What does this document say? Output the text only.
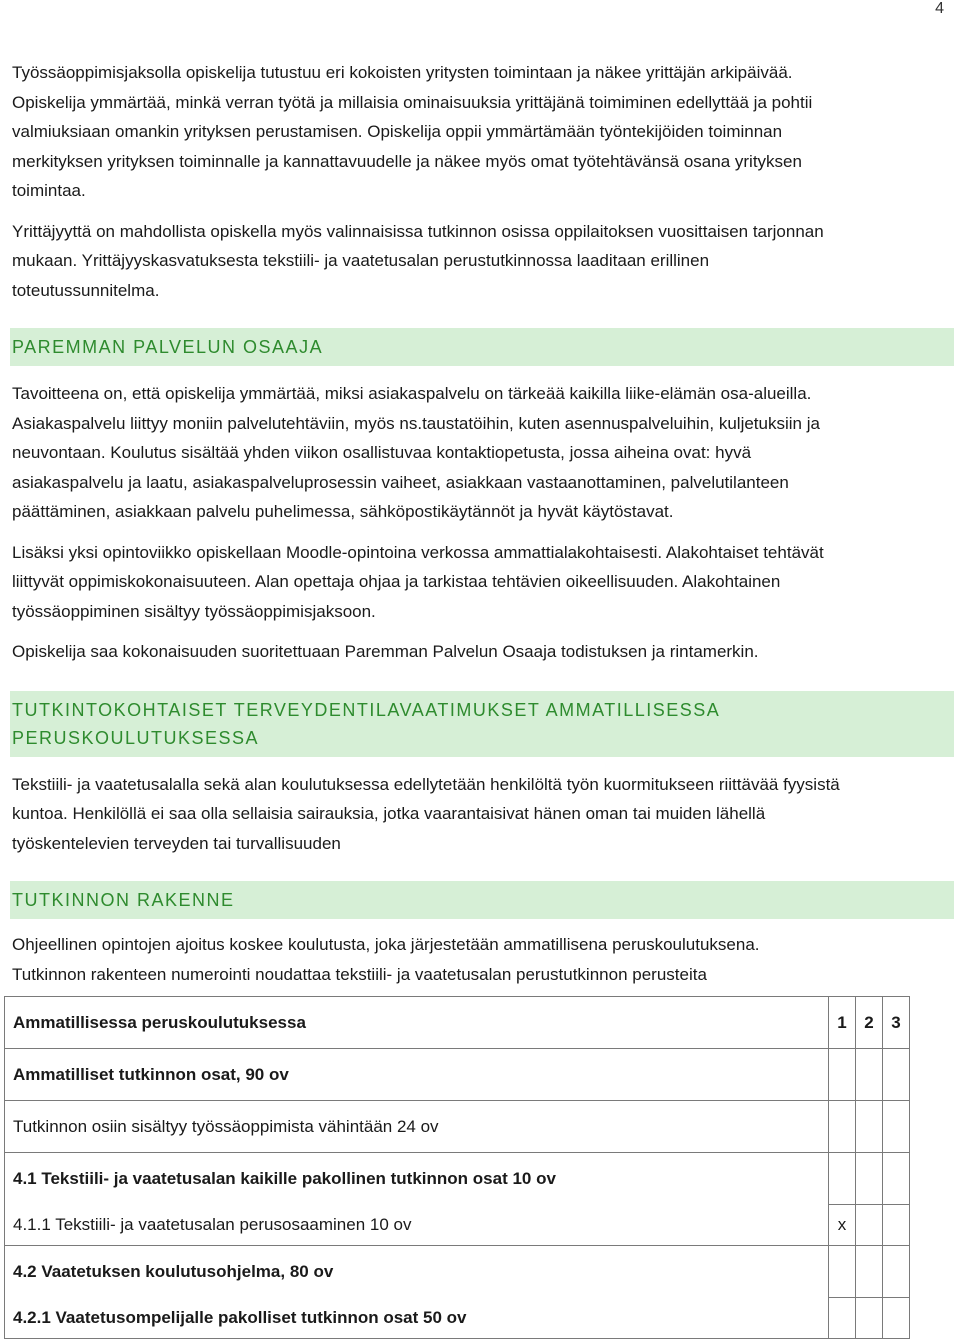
4

Työssäoppimisjaksolla opiskelija tutustuu eri kokoisten yritysten toimintaan ja näkee yrittäjän arkipäivää.

Opiskelija ymmärtää, minkä verran työtä ja millaisia ominaisuuksia yrittäjänä toimiminen edellyttää ja pohtii

valmiuksiaan omankin yrityksen perustamisen. Opiskelija oppii ymmärtämään työntekijöiden toiminnan

merkityksen yrityksen toiminnalle ja kannattavuudelle ja näkee myös omat työtehtävänsä osana yrityksen

toimintaa.

Yrittäjyyttä on mahdollista opiskella myös valinnaisissa tutkinnon osissa oppilaitoksen vuosittaisen tarjonnan

mukaan. Yrittäjyyskasvatuksesta tekstiili- ja vaatetusalan perustutkinnossa laaditaan erillinen

toteutussunnitelma.

PAREMMAN PALVELUN OSAAJA

Tavoitteena on, että opiskelija ymmärtää, miksi asiakaspalvelu on tärkeää kaikilla liike-elämän osa-alueilla.

Asiakaspalvelu liittyy moniin palvelutehtäviin, myös ns.taustatöihin, kuten asennuspalveluihin, kuljetuksiin ja

neuvontaan. Koulutus sisältää yhden viikon osallistuvaa kontaktiopetusta, jossa aiheina ovat: hyvä

asiakaspalvelu ja laatu, asiakaspalveluprosessin vaiheet, asiakkaan vastaanottaminen, palvelutilanteen

päättäminen, asiakkaan palvelu puhelimessa, sähköpostikäytännöt ja hyvät käytöstavat.

Lisäksi yksi opintoviikko opiskellaan Moodle-opintoina verkossa ammattialakohtaisesti. Alakohtaiset tehtävät

liittyvät oppimiskokonaisuuteen. Alan opettaja ohjaa ja tarkistaa tehtävien oikeellisuuden. Alakohtainen

työssäoppiminen sisältyy työssäoppimisjaksoon.

Opiskelija saa kokonaisuuden suoritettuaan Paremman Palvelun Osaaja todistuksen ja rintamerkin.

TUTKINTOKOHTAISET TERVEYDENTILAVAATIMUKSET AMMATILLISESSA
PERUSKOULUTUKSESSA

Tekstiili- ja vaatetusalalla sekä alan koulutuksessa edellytetään henkilöltä työn kuormitukseen riittävää fyysistä

kuntoa. Henkilöllä ei saa olla sellaisia sairauksia, jotka vaarantaisivat hänen oman tai muiden lähellä

työskentelevien terveyden tai turvallisuuden

TUTKINNON RAKENNE

Ohjeellinen opintojen ajoitus koskee koulutusta, joka järjestetään ammatillisena peruskoulutuksena.

Tutkinnon rakenteen numerointi noudattaa tekstiili- ja vaatetusalan perustutkinnon perusteita

Ammatillisessa peruskoulutuksessa	1	2	3
Ammatilliset tutkinnon osat, 90 ov			
Tutkinnon osiin sisältyy työssäoppimista vähintään 24 ov			
4.1 Tekstiili- ja vaatetusalan kaikille pakollinen tutkinnon osat 10 ov			
4.1.1 Tekstiili- ja vaatetusalan perusosaaminen 10 ov	x		
4.2 Vaatetuksen koulutusohjelma, 80 ov			
4.2.1 Vaatetusompelijalle pakolliset tutkinnon osat 50 ov			
